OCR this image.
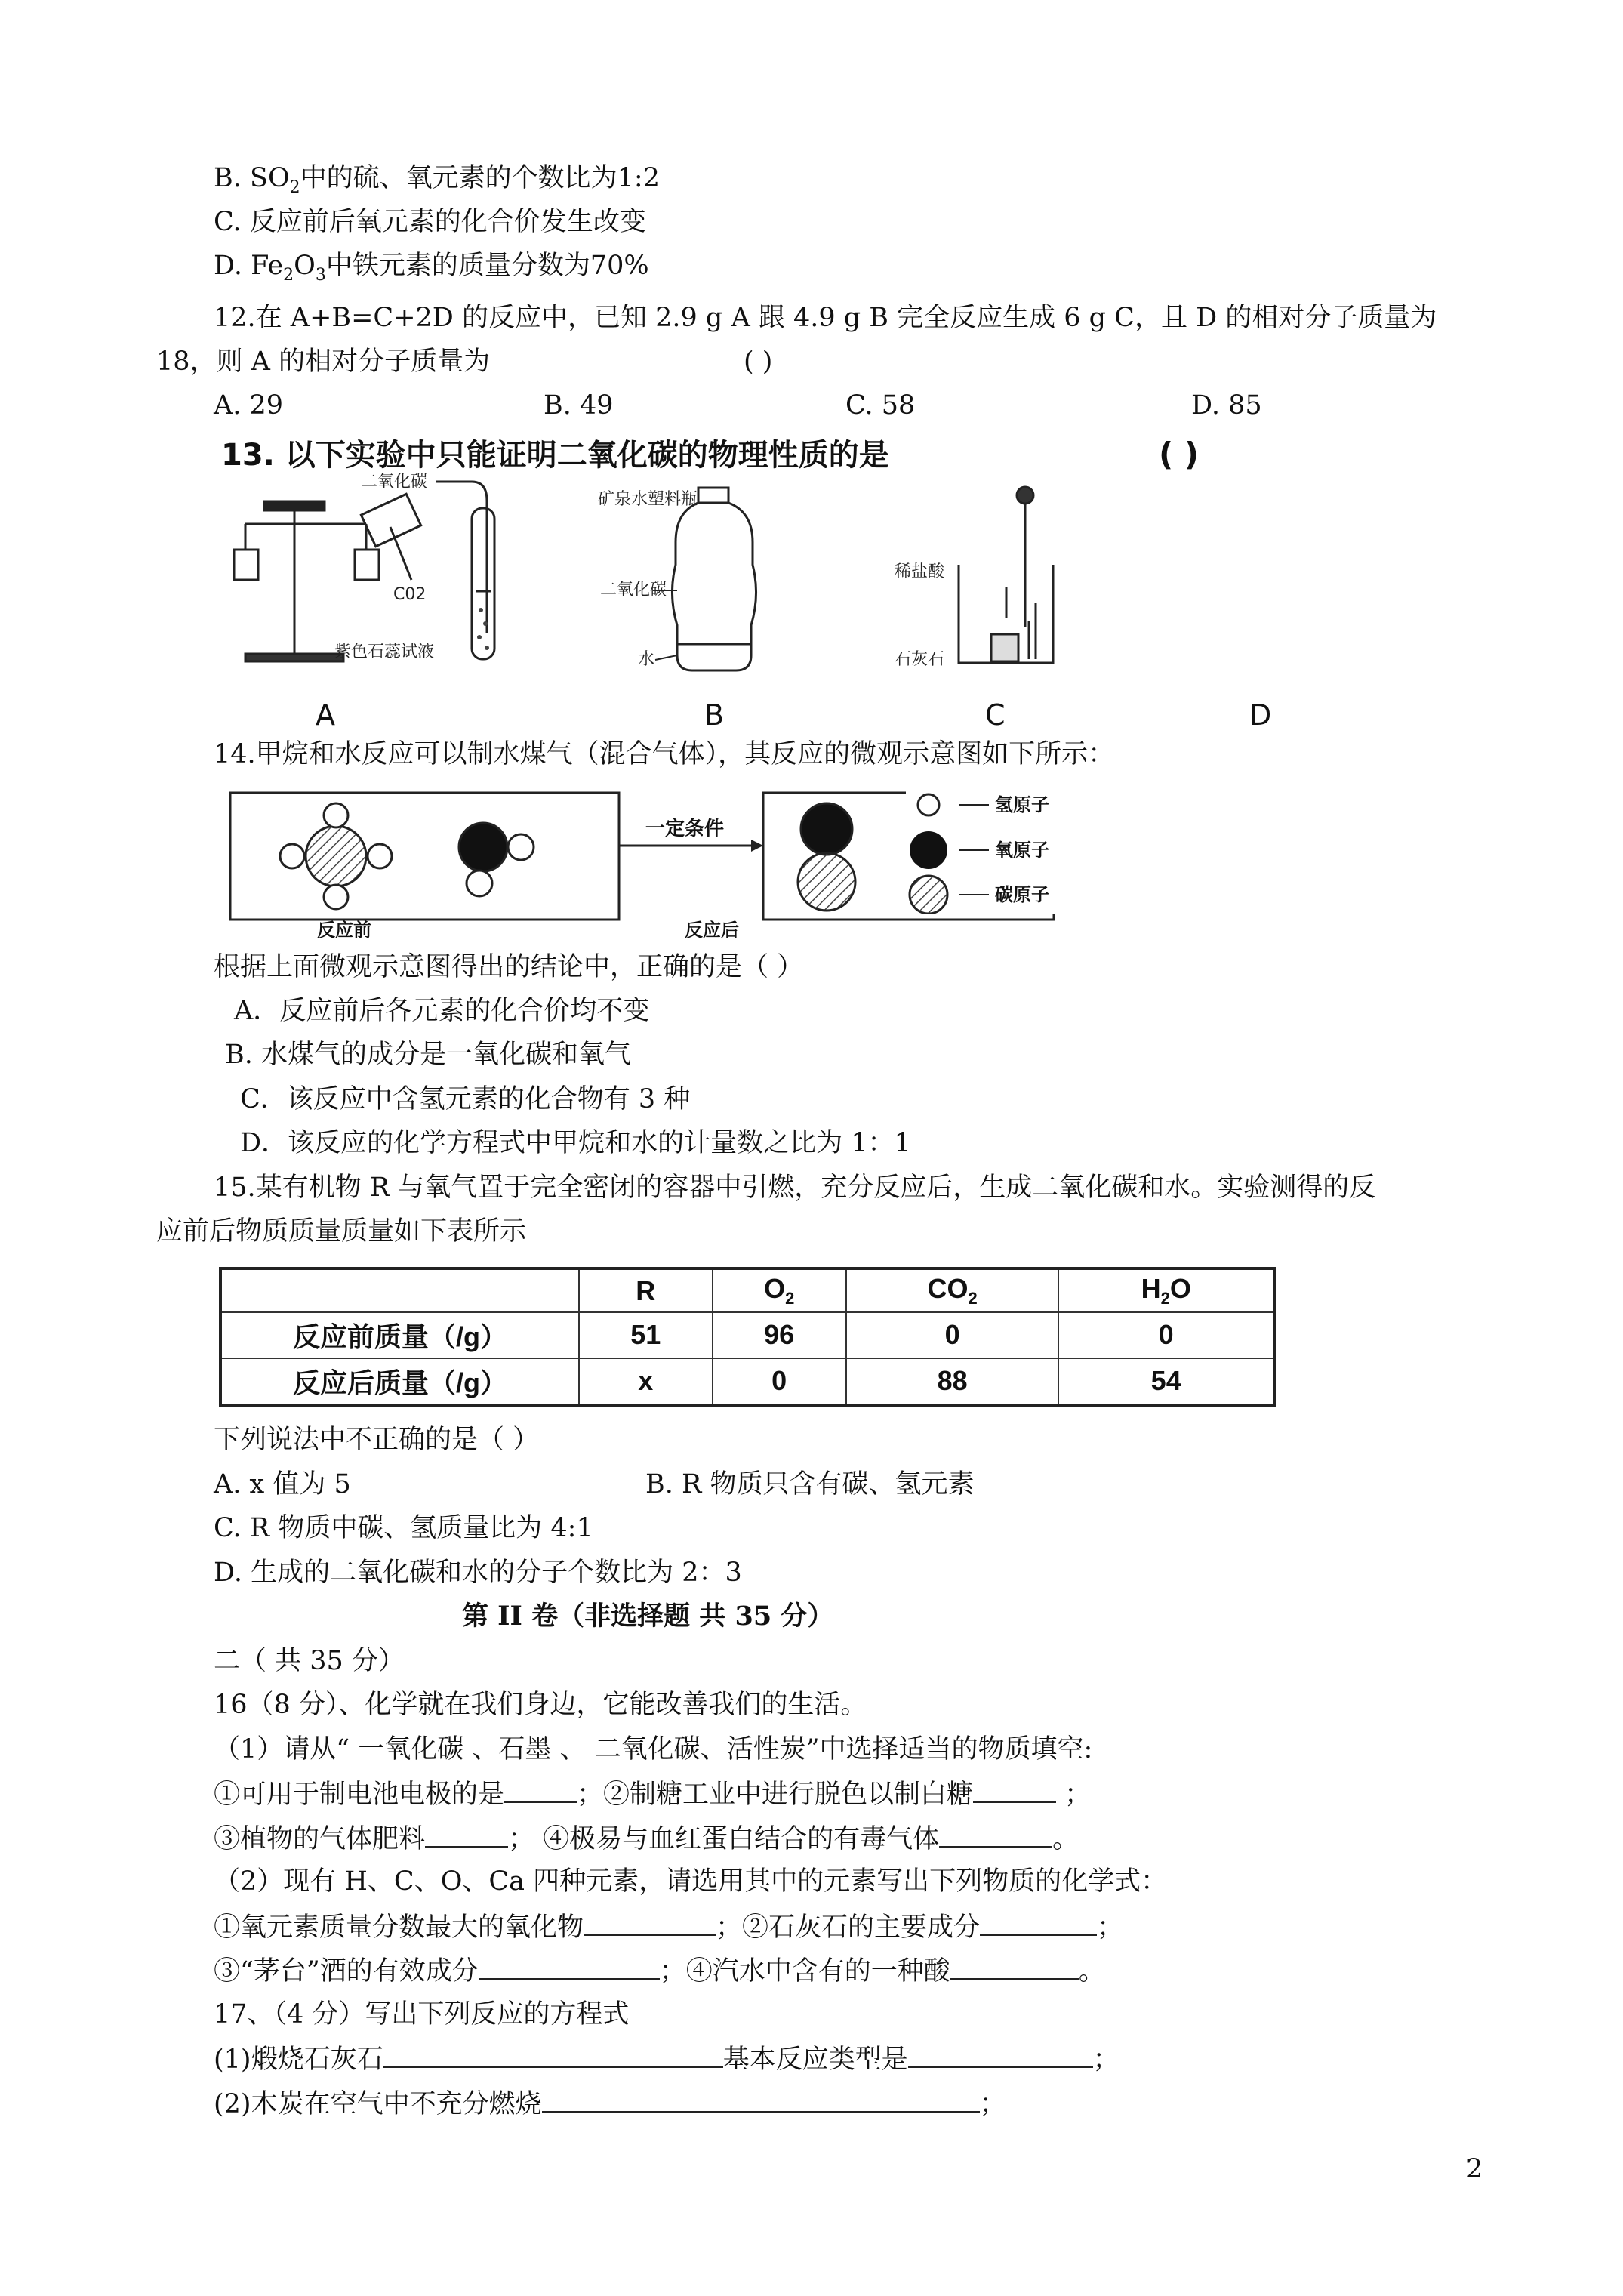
B. $SO_2$中的硫、氧元素的个数比为1:2
C. 反应前后氧元素的化合价发生改变
D. $Fe_2O_3$中铁元素的质量分数为70%
12.在 A+B=C+2D 的反应中，已知 2.9 g A 跟 4.9 g B 完全反应生成 6 g C，且 D 的相对分子质量为
18，则 A 的相对分子质量为	( )
A. 29	B. 49	C. 58	D. 85
13. 以下实验中只能证明二氧化碳的物理性质的是	( )
C02
二氧化碳
紫色石蕊试液
矿泉水塑料瓶
二氧化碳
水
稀盐酸
石灰石
A	B	C	D
14.甲烷和水反应可以制水煤气（混合气体），其反应的微观示意图如下所示：
一定条件
反应前	反应后
氢原子
氧原子
碳原子
根据上面微观示意图得出的结论中，正确的是（ ）
A．反应前后各元素的化合价均不变
B. 水煤气的成分是一氧化碳和氧气
C．该反应中含氢元素的化合物有 3 种
D．该反应的化学方程式中甲烷和水的计量数之比为 1：1
15.某有机物 R 与氧气置于完全密闭的容器中引燃，充分反应后，生成二氧化碳和水。实验测得的反
应前后物质质量质量如下表所示
	R	$O_2$	$CO_2$	$H_2O$
反应前质量（/g）	51	96	0	0
反应后质量（/g）	x	0	88	54
下列说法中不正确的是（ ）
A. x 值为 5	B. R 物质只含有碳、氢元素
C. R 物质中碳、氢质量比为 4:1
D. 生成的二氧化碳和水的分子个数比为 2：3
第 II 卷（非选择题 共 35 分）
二（ 共 35 分）
16（8 分）、化学就在我们身边，它能改善我们的生活。
（1）请从“ 一氧化碳 、石墨 、 二氧化碳、活性炭”中选择适当的物质填空:
①可用于制电池电极的是	；②制糖工业中进行脱色以制白糖	；
③植物的气体肥料	； ④极易与血红蛋白结合的有毒气体	。
（2）现有 H、C、O、Ca 四种元素，请选用其中的元素写出下列物质的化学式：
①氧元素质量分数最大的氧化物	；②石灰石的主要成分	；
③“茅台”酒的有效成分	；④汽水中含有的一种酸	。
17、（4 分）写出下列反应的方程式
(1)煅烧石灰石	基本反应类型是	；
(2)木炭在空气中不充分燃烧	；
2
